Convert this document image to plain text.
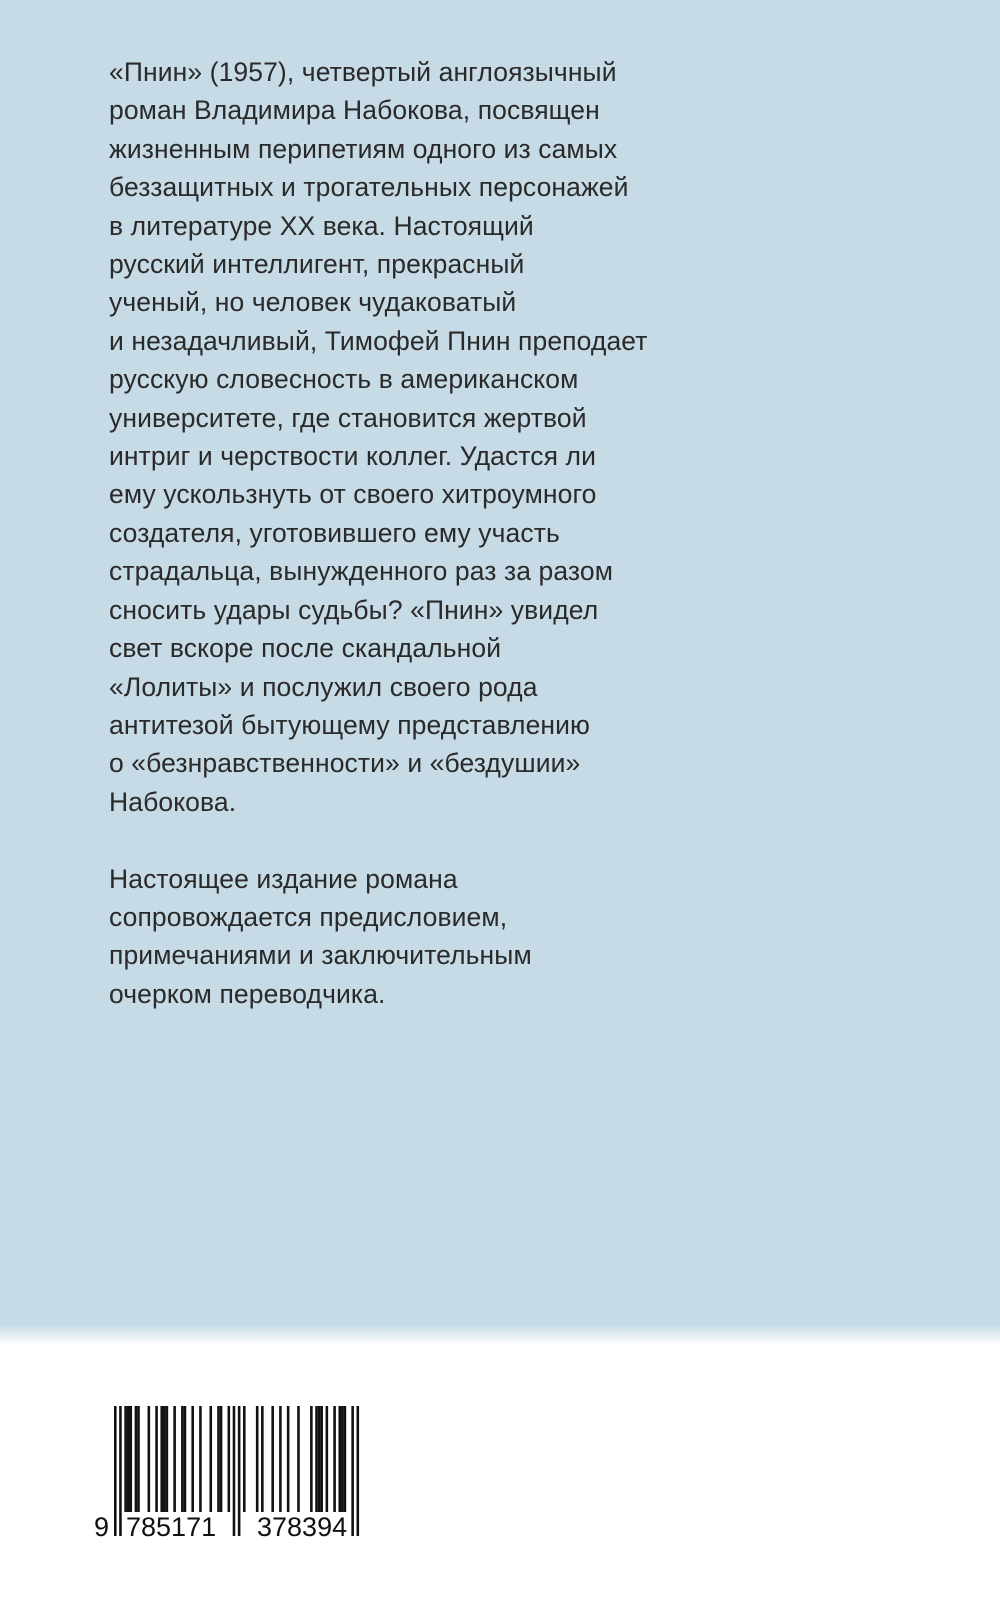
«Пнин» (1957), четвертый англоязычный
роман Владимира Набокова, посвящен
жизненным перипетиям одного из самых
беззащитных и трогательных персонажей
в литературе XX века. Настоящий
русский интеллигент, прекрасный
ученый, но человек чудаковатый
и незадачливый, Тимофей Пнин преподает
русскую словесность в американском
университете, где становится жертвой
интриг и черствости коллег. Удастся ли
ему ускользнуть от своего хитроумного
создателя, уготовившего ему участь
страдальца, вынужденного раз за разом
сносить удары судьбы? «Пнин» увидел
свет вскоре после скандальной
«Лолиты» и послужил своего рода
антитезой бытующему представлению
о «безнравственности» и «бездушии»
Набокова.
Настоящее издание романа
сопровождается предисловием,
примечаниями и заключительным
очерком переводчика.
9 785171 378394
